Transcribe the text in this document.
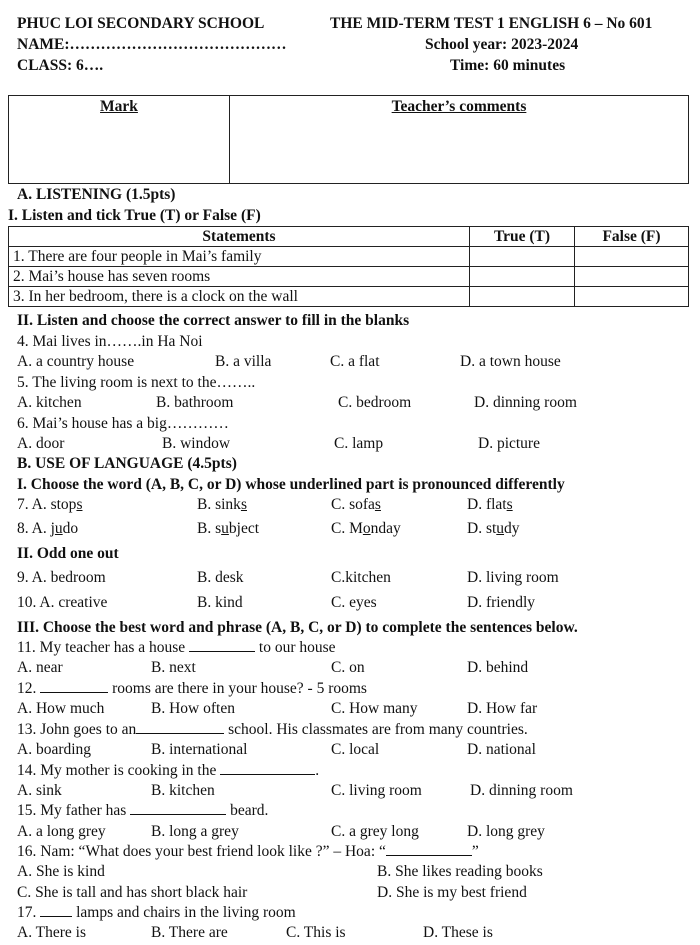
PHUC LOI SECONDARY SCHOOL	THE MID-TERM TEST 1 ENGLISH 6 – No 601
NAME:……………………………………	School year: 2023-2024
CLASS: 6….	Time: 60 minutes
Mark	Teacher’s comments
A. LISTENING (1.5pts)
I. Listen and tick True (T) or False (F)
Statements	True (T)	False (F)
1. There are four people in Mai’s family		
2. Mai’s house has seven rooms		
3. In her bedroom, there is a clock on the wall		
II. Listen and choose the correct answer to fill in the blanks
4. Mai lives in…….in Ha Noi
A. a country house	B. a villa	C. a flat	D. a town house
5. The living room is next to the……..
A. kitchen	B. bathroom	C. bedroom	D. dinning room
6. Mai’s house has a big…………
A. door	B. window	C. lamp	D. picture
B. USE OF LANGUAGE (4.5pts)
I. Choose the word (A, B, C, or D) whose underlined part is pronounced differently
7. A. stops	B. sinks	C. sofas	D. flats
8. A. judo	B. subject	C. Monday	D. study
II. Odd one out
9. A. bedroom	B. desk	C.kitchen	D. living room
10. A. creative	B. kind	C. eyes	D. friendly
III. Choose the best word and phrase (A, B, C, or D) to complete the sentences below.
11. My teacher has a house	to our house
A. near	B. next	C. on	D. behind
12.	rooms are there in your house? - 5 rooms
A. How much	B. How often	C. How many	D. How far
13. John goes to an	school. His classmates are from many countries.
A. boarding	B. international	C. local	D. national
14. My mother is cooking in the	.
A. sink	B. kitchen	C. living room	D. dinning room
15. My father has	beard.
A. a long grey	B. long a grey	C. a grey long	D. long grey
16. Nam: “What does your best friend look like ?” – Hoa: “	”
A. She is kind	B. She likes reading books
C. She is tall and has short black hair	D. She is my best friend
17.	lamps and chairs in the living room
A. There is	B. There are	C. This is	D. These is
